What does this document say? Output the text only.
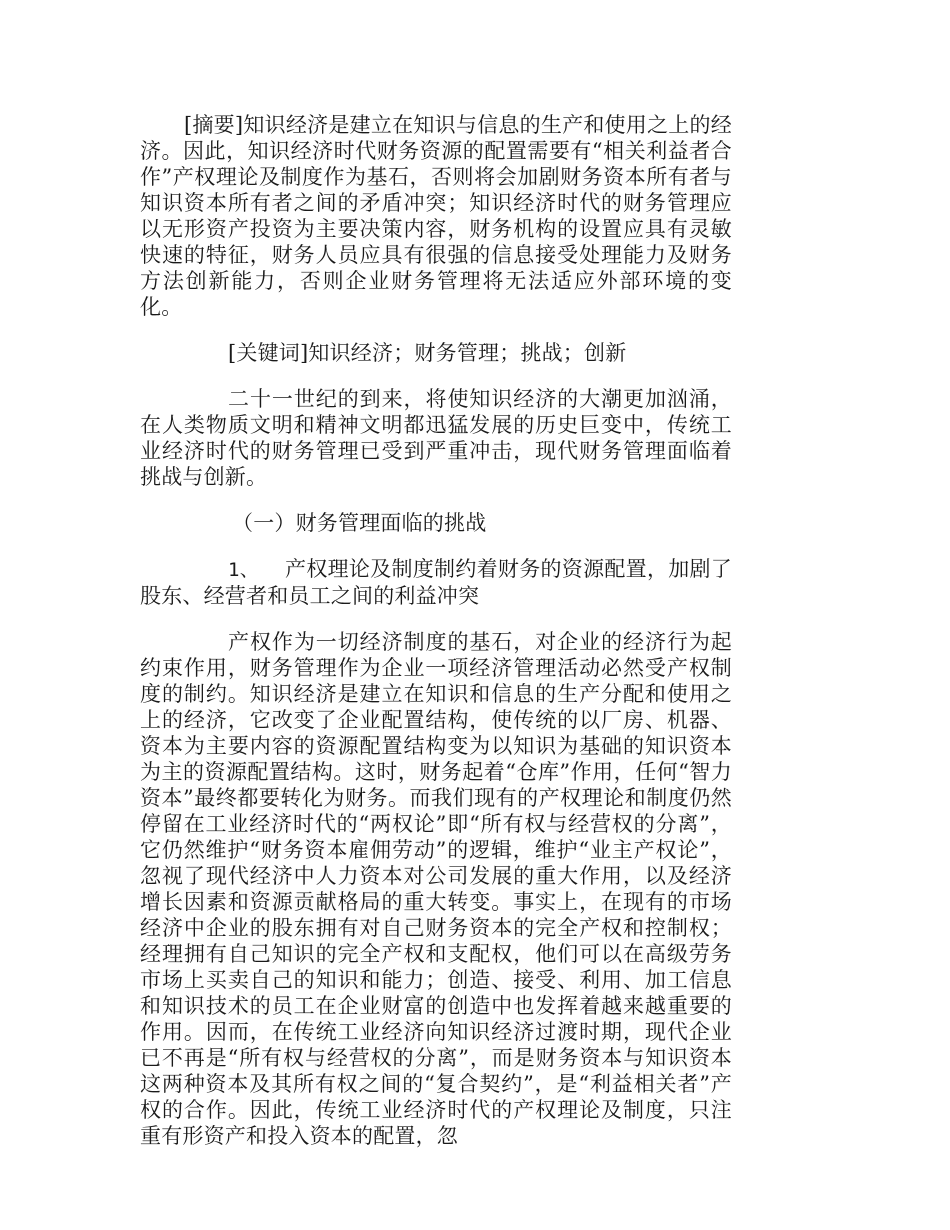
[摘要]知识经济是建立在知识与信息的生产和使用之上的经济。因此，知识经济时代财务资源的配置需要有“相关利益者合作”产权理论及制度作为基石，否则将会加剧财务资本所有者与知识资本所有者之间的矛盾冲突；知识经济时代的财务管理应以无形资产投资为主要决策内容，财务机构的设置应具有灵敏快速的特征，财务人员应具有很强的信息接受处理能力及财务方法创新能力，否则企业财务管理将无法适应外部环境的变化。

[关键词]知识经济；财务管理；挑战；创新

二十一世纪的到来，将使知识经济的大潮更加汹涌，在人类物质文明和精神文明都迅猛发展的历史巨变中，传统工业经济时代的财务管理已受到严重冲击，现代财务管理面临着挑战与创新。

（一）财务管理面临的挑战

1、 产权理论及制度制约着财务的资源配置，加剧了股东、经营者和员工之间的利益冲突

产权作为一切经济制度的基石，对企业的经济行为起约束作用，财务管理作为企业一项经济管理活动必然受产权制度的制约。知识经济是建立在知识和信息的生产分配和使用之上的经济，它改变了企业配置结构，使传统的以厂房、机器、资本为主要内容的资源配置结构变为以知识为基础的知识资本为主的资源配置结构。这时，财务起着“仓库”作用，任何“智力资本”最终都要转化为财务。而我们现有的产权理论和制度仍然停留在工业经济时代的“两权论”即“所有权与经营权的分离”，它仍然维护“财务资本雇佣劳动”的逻辑，维护“业主产权论”，忽视了现代经济中人力资本对公司发展的重大作用，以及经济增长因素和资源贡献格局的重大转变。事实上，在现有的市场经济中企业的股东拥有对自己财务资本的完全产权和控制权；经理拥有自己知识的完全产权和支配权，他们可以在高级劳务市场上买卖自己的知识和能力；创造、接受、利用、加工信息和知识技术的员工在企业财富的创造中也发挥着越来越重要的作用。因而，在传统工业经济向知识经济过渡时期，现代企业已不再是“所有权与经营权的分离”，而是财务资本与知识资本这两种资本及其所有权之间的“复合契约”，是“利益相关者”产权的合作。因此，传统工业经济时代的产权理论及制度，只注重有形资产和投入资本的配置，忽
